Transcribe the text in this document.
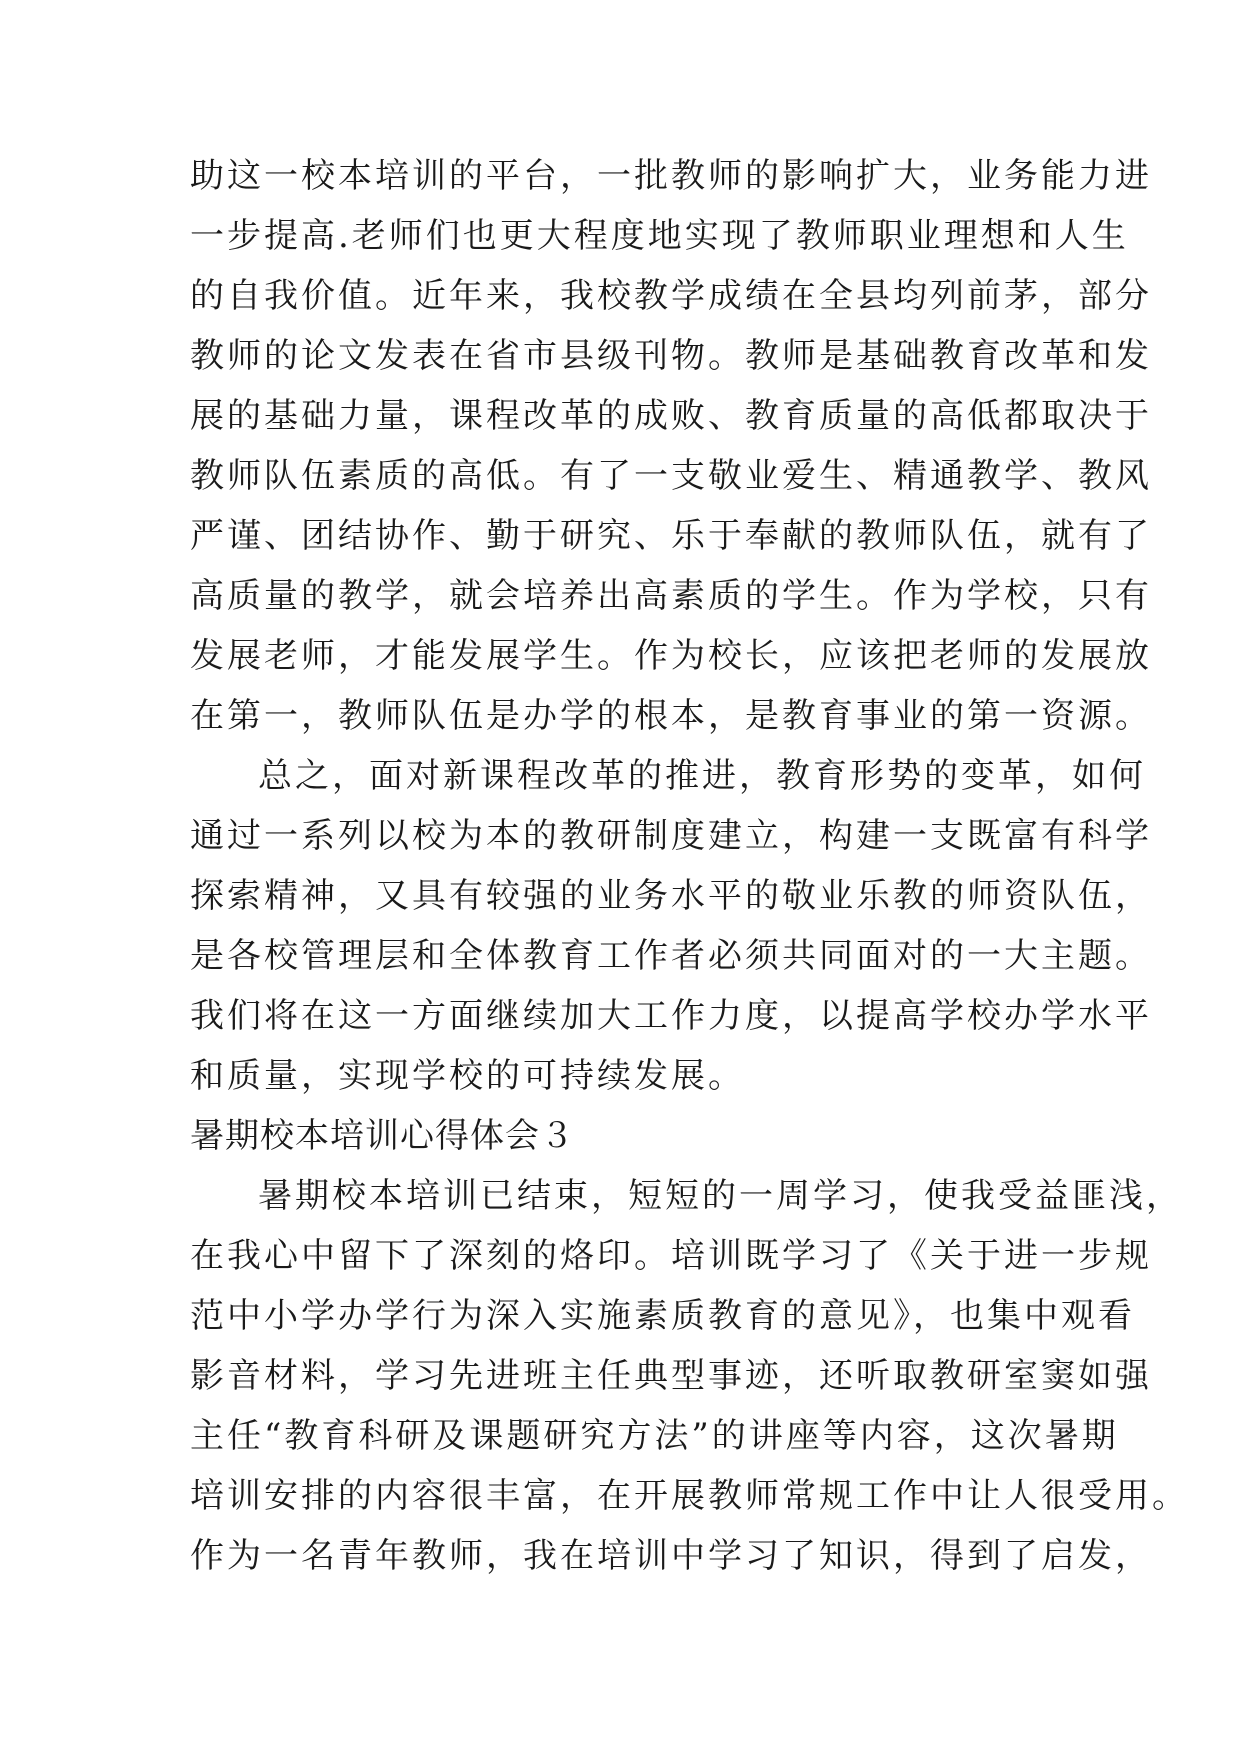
助这一校本培训的平台，一批教师的影响扩大，业务能力进
一步提高.老师们也更大程度地实现了教师职业理想和人生
的自我价值。近年来，我校教学成绩在全县均列前茅，部分
教师的论文发表在省市县级刊物。教师是基础教育改革和发
展的基础力量，课程改革的成败、教育质量的高低都取决于
教师队伍素质的高低。有了一支敬业爱生、精通教学、教风
严谨、团结协作、勤于研究、乐于奉献的教师队伍，就有了
高质量的教学，就会培养出高素质的学生。作为学校，只有
发展老师，才能发展学生。作为校长，应该把老师的发展放
在第一，教师队伍是办学的根本，是教育事业的第一资源。
总之，面对新课程改革的推进，教育形势的变革，如何
通过一系列以校为本的教研制度建立，构建一支既富有科学
探索精神，又具有较强的业务水平的敬业乐教的师资队伍，
是各校管理层和全体教育工作者必须共同面对的一大主题。
我们将在这一方面继续加大工作力度，以提高学校办学水平
和质量，实现学校的可持续发展。
暑期校本培训心得体会３
暑期校本培训已结束，短短的一周学习，使我受益匪浅，
在我心中留下了深刻的烙印。培训既学习了《关于进一步规
范中小学办学行为深入实施素质教育的意见》，也集中观看
影音材料，学习先进班主任典型事迹，还听取教研室窦如强
主任“教育科研及课题研究方法”的讲座等内容，这次暑期
培训安排的内容很丰富，在开展教师常规工作中让人很受用。
作为一名青年教师，我在培训中学习了知识，得到了启发，
